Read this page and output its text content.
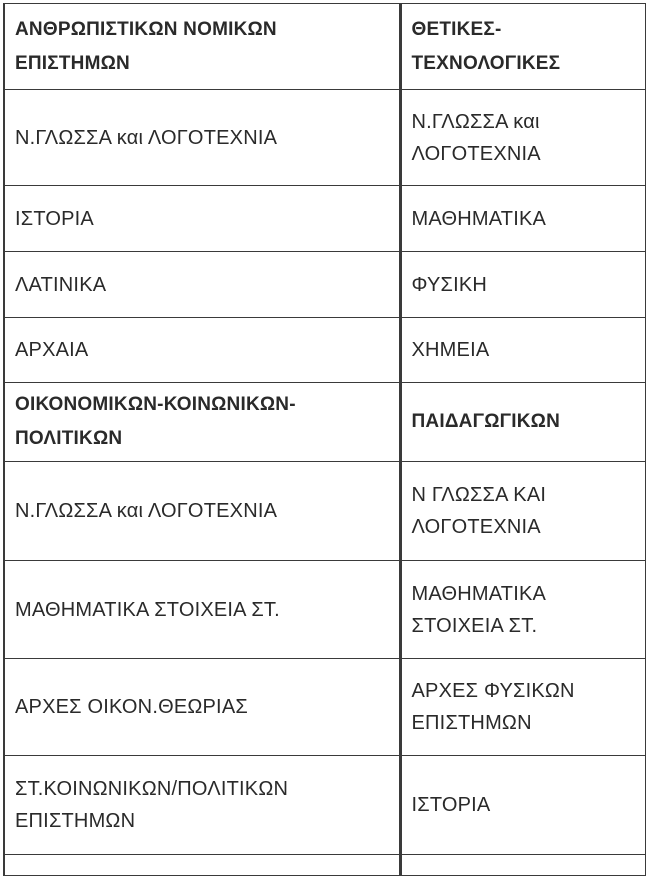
ΑΝΘΡΩΠΙΣΤΙΚΩΝ ΝΟΜΙΚΩΝ ΕΠΙΣΤΗΜΩΝ	ΘΕΤΙΚΕΣ-ΤΕΧΝΟΛΟΓΙΚΕΣ

Ν.ΓΛΩΣΣΑ και ΛΟΓΟΤΕΧΝΙΑ	Ν.ΓΛΩΣΣΑ και ΛΟΓΟΤΕΧΝΙΑ

ΙΣΤΟΡΙΑ	ΜΑΘΗΜΑΤΙΚΑ

ΛΑΤΙΝΙΚΑ	ΦΥΣΙΚΗ

ΑΡΧΑΙΑ	ΧΗΜΕΙΑ

ΟΙΚΟΝΟΜΙΚΩΝ-ΚΟΙΝΩΝΙΚΩΝ-ΠΟΛΙΤΙΚΩΝ	ΠΑΙΔΑΓΩΓΙΚΩΝ

Ν.ΓΛΩΣΣΑ και ΛΟΓΟΤΕΧΝΙΑ	Ν ΓΛΩΣΣΑ ΚΑΙ ΛΟΓΟΤΕΧΝΙΑ

ΜΑΘΗΜΑΤΙΚΑ ΣΤΟΙΧΕΙΑ ΣΤ.	ΜΑΘΗΜΑΤΙΚΑ ΣΤΟΙΧΕΙΑ ΣΤ.

ΑΡΧΕΣ ΟΙΚΟΝ.ΘΕΩΡΙΑΣ	ΑΡΧΕΣ ΦΥΣΙΚΩΝ ΕΠΙΣΤΗΜΩΝ

ΣΤ.ΚΟΙΝΩΝΙΚΩΝ/ΠΟΛΙΤΙΚΩΝ ΕΠΙΣΤΗΜΩΝ	ΙΣΤΟΡΙΑ
